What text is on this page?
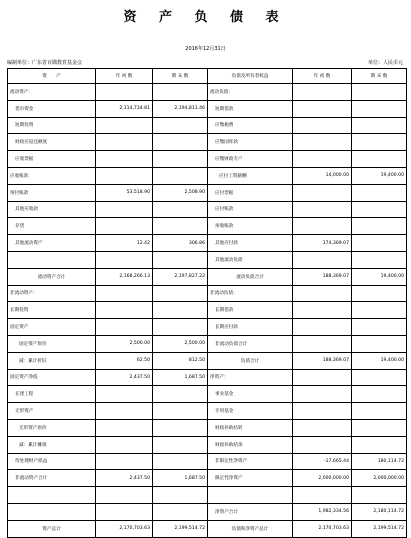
资 产 负 债 表
2016年12月31日
编制单位：广东省百隅教育基金会	单位：人民币元
资　　产	年 初 数	期 末 数	负债及所有者权益	年 初 数	期 末 数
流动资产：			流动负债：		
货币资金	2,114,734.81	2,194,811.46	短期借款		
短期投资			应缴税费		
财政应返还额度			应缴国库款		
应收票据			应缴财政专户		
应收账款			应付工资薪酬	14,000.00	19,400.00
预付账款	53,518.90	2,508.90	应付票据		
其他应收款			应付账款		
存货			预收账款		
其他流动资产	12.42	306.86	其他应付款	174,369.07	
			其他流动负债		
流动资产合计	2,168,266.13	2,197,827.22	流动负债合计	188,369.07	19,400.00
非流动资产：			非流动负债：		
长期投资			长期借款		
固定资产			长期应付款		
固定资产原价	2,500.00	2,500.00	非流动负债合计		
减：累计折旧	62.50	812.50	负债合计	188,369.07	19,400.00
固定资产净值	2,437.50	1,687.50	净资产：		
在建工程			事业基金		
无形资产			专用基金		
无形资产原价			财政补助结转		
减：累计摊销			财政补助结余		
待处理财产损益			非限定性净资产	-17,665.44	180,114.72
非流动资产合计	2,437.50	1,687.50	限定性净资产	2,000,000.00	2,000,000.00

			净资产合计	1,982,334.56	2,180,114.72
资产总计	2,170,703.63	2,199,514.72	负债和净资产总计	2,170,703.63	2,199,514.72
